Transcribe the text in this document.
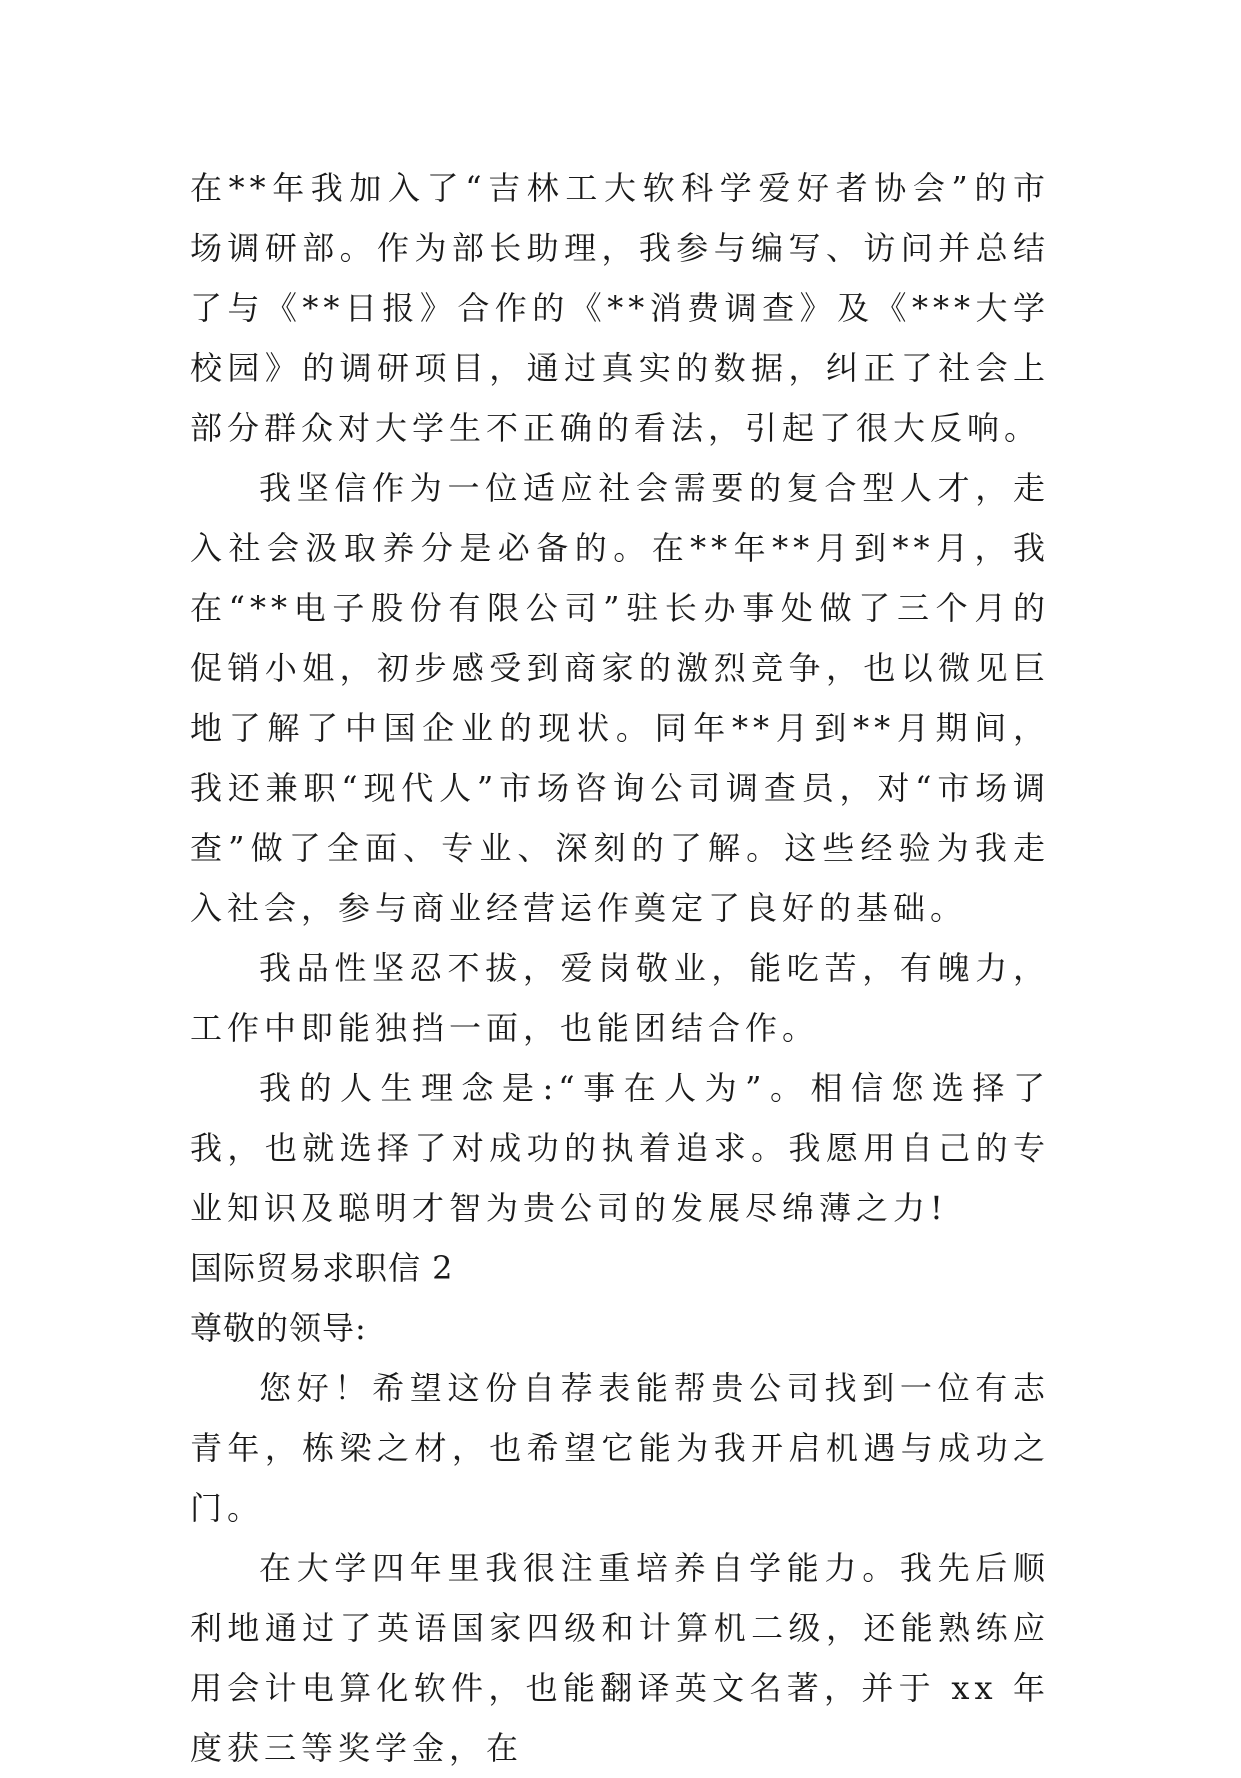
在**年我加入了“吉林工大软科学爱好者协会”的市场调研部。作为部长助理，我参与编写、访问并总结了与《**日报》合作的《**消费调查》及《***大学校园》的调研项目，通过真实的数据，纠正了社会上部分群众对大学生不正确的看法，引起了很大反响。

我坚信作为一位适应社会需要的复合型人才，走入社会汲取养分是必备的。在**年**月到**月，我在“**电子股份有限公司”驻长办事处做了三个月的促销小姐，初步感受到商家的激烈竞争，也以微见巨地了解了中国企业的现状。同年**月到**月期间，我还兼职“现代人”市场咨询公司调查员，对“市场调查”做了全面、专业、深刻的了解。这些经验为我走入社会，参与商业经营运作奠定了良好的基础。

我品性坚忍不拔，爱岗敬业，能吃苦，有魄力，工作中即能独挡一面，也能团结合作。

我的人生理念是:“事在人为”。相信您选择了我，也就选择了对成功的执着追求。我愿用自己的专业知识及聪明才智为贵公司的发展尽绵薄之力!

国际贸易求职信 2

尊敬的领导:

您好！希望这份自荐表能帮贵公司找到一位有志青年，栋梁之材，也希望它能为我开启机遇与成功之门。

在大学四年里我很注重培养自学能力。我先后顺利地通过了英语国家四级和计算机二级，还能熟练应用会计电算化软件，也能翻译英文名著，并于 xx 年度获三等奖学金，在
